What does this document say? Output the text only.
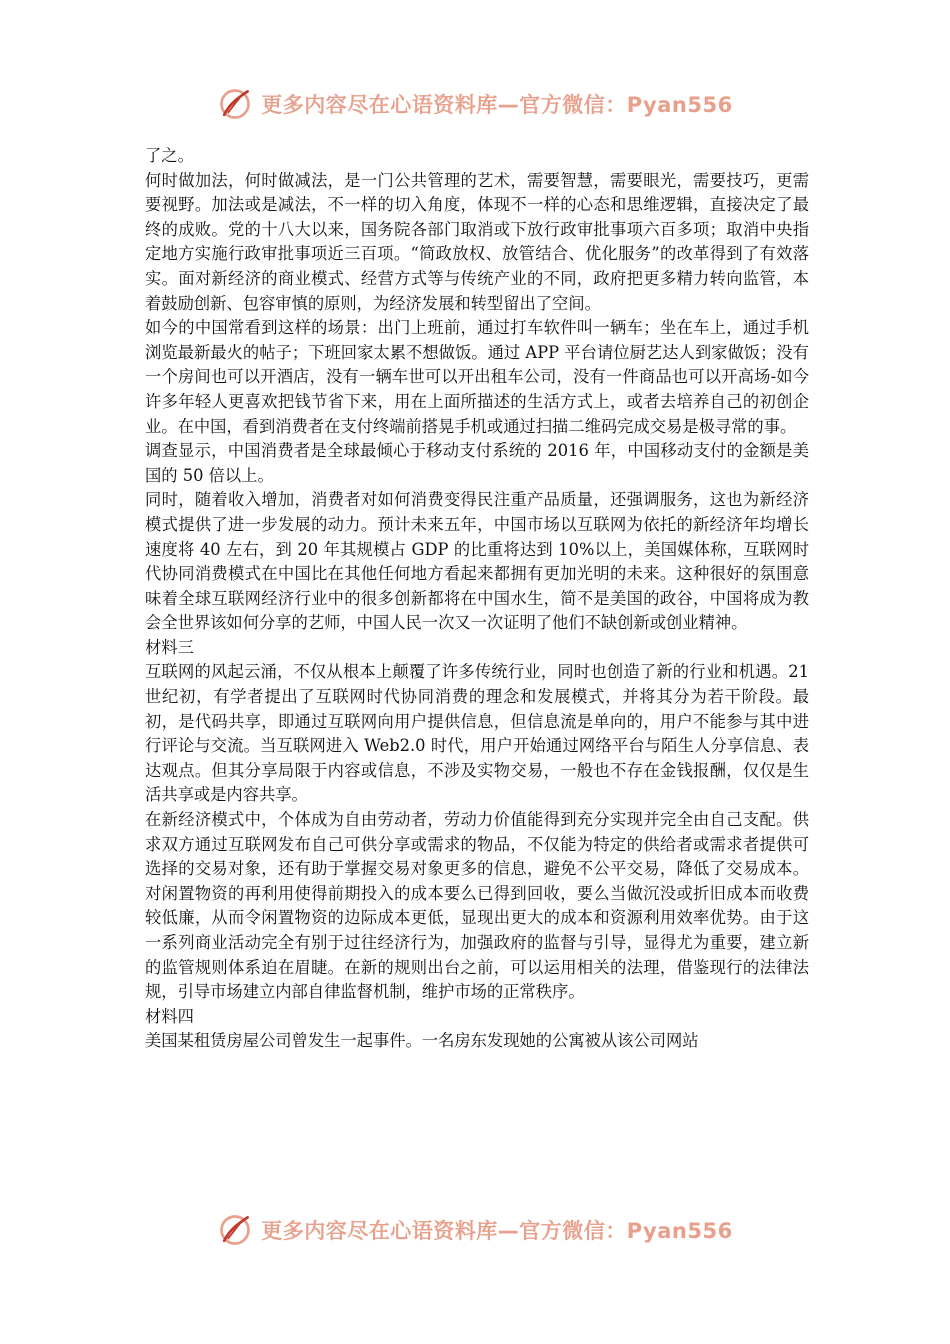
更多内容尽在心语资料库—官方微信：Pyan556

了之。

何时做加法，何时做减法，是一门公共管理的艺术，需要智慧，需要眼光，需要技巧，更需要视野。加法或是减法，不一样的切入角度，体现不一样的心态和思维逻辑，直接决定了最终的成败。党的十八大以来，国务院各部门取消或下放行政审批事项六百多项；取消中央指定地方实施行政审批事项近三百项。“简政放权、放管结合、优化服务”的改革得到了有效落实。面对新经济的商业模式、经营方式等与传统产业的不同，政府把更多精力转向监管，本着鼓励创新、包容审慎的原则，为经济发展和转型留出了空间。

如今的中国常看到这样的场景：出门上班前，通过打车软件叫一辆车；坐在车上，通过手机浏览最新最火的帖子；下班回家太累不想做饭。通过 APP 平台请位厨艺达人到家做饭；没有一个房间也可以开酒店，没有一辆车世可以开出租车公司，没有一件商品也可以开高场-如今许多年轻人更喜欢把钱节省下来，用在上面所描述的生活方式上，或者去培养自己的初创企业。在中国，看到消费者在支付终端前搭晃手机或通过扫描二维码完成交易是极寻常的事。

调查显示，中国消费者是全球最倾心于移动支付系统的 2016 年，中国移动支付的金额是美国的 50 倍以上。

同时，随着收入增加，消费者对如何消费变得民注重产品质量，还强调服务，这也为新经济模式提供了进一步发展的动力。预计未来五年，中国市场以互联网为依托的新经济年均增长速度将 40 左右，到 20 年其规模占 GDP 的比重将达到 10%以上，美国媒体称，互联网时代协同消费模式在中国比在其他任何地方看起来都拥有更加光明的未来。这种很好的氛围意味着全球互联网经济行业中的很多创新都将在中国水生，简不是美国的政谷，中国将成为教会全世界该如何分享的艺师，中国人民一次又一次证明了他们不缺创新或创业精神。

材料三

互联网的风起云涌，不仅从根本上颠覆了许多传统行业，同时也创造了新的行业和机遇。21 世纪初，有学者提出了互联网时代协同消费的理念和发展模式，并将其分为若干阶段。最初，是代码共享，即通过互联网向用户提供信息，但信息流是单向的，用户不能参与其中进行评论与交流。当互联网进入 Web2.0 时代，用户开始通过网络平台与陌生人分享信息、表达观点。但其分享局限于内容或信息，不涉及实物交易，一般也不存在金钱报酬，仅仅是生活共享或是内容共享。

在新经济模式中，个体成为自由劳动者，劳动力价值能得到充分实现并完全由自己支配。供求双方通过互联网发布自己可供分享或需求的物品，不仅能为特定的供给者或需求者提供可选择的交易对象，还有助于掌握交易对象更多的信息，避免不公平交易，降低了交易成本。对闲置物资的再利用使得前期投入的成本要么已得到回收，要么当做沉没或折旧成本而收费较低廉，从而令闲置物资的边际成本更低，显现出更大的成本和资源利用效率优势。由于这一系列商业活动完全有别于过往经济行为，加强政府的监督与引导，显得尤为重要，建立新的监管规则体系迫在眉睫。在新的规则出台之前，可以运用相关的法理，借鉴现行的法律法规，引导市场建立内部自律监督机制，维护市场的正常秩序。

材料四

美国某租赁房屋公司曾发生一起事件。一名房东发现她的公寓被从该公司网站

更多内容尽在心语资料库—官方微信：Pyan556
